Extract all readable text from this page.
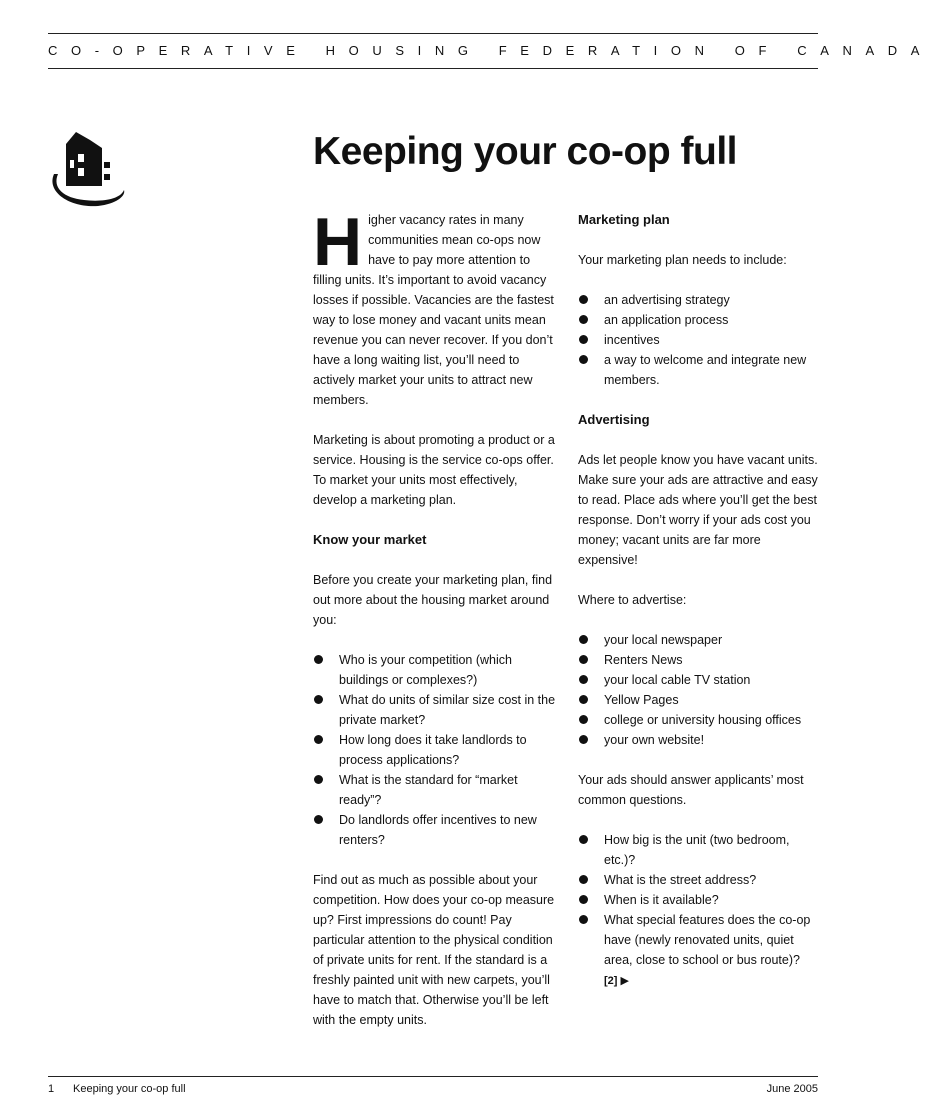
CO-OPERATIVE HOUSING FEDERATION OF CANADA
Keeping your co-op full

Higher vacancy rates in many communities mean co-ops now have to pay more attention to filling units. It’s important to avoid vacancy losses if possible. Vacancies are the fastest way to lose money and vacant units mean revenue you can never recover. If you don’t have a long waiting list, you’ll need to actively market your units to attract new members.

Marketing is about promoting a product or a service. Housing is the service co-ops offer. To market your units most effectively, develop a marketing plan.

Know your market

Before you create your marketing plan, find out more about the housing market around you:

Who is your competition (which buildings or complexes?)
What do units of similar size cost in the private market?
How long does it take landlords to process applications?
What is the standard for “market ready”?
Do landlords offer incentives to new renters?

Find out as much as possible about your competition. How does your co-op measure up? First impressions do count! Pay particular attention to the physical condition of private units for rent. If the standard is a freshly painted unit with new carpets, you’ll have to match that. Otherwise you’ll be left with the empty units.

Marketing plan

Your marketing plan needs to include:

an advertising strategy
an application process
incentives
a way to welcome and integrate new members.
Advertising

Ads let people know you have vacant units. Make sure your ads are attractive and easy to read. Place ads where you’ll get the best response. Don’t worry if your ads cost you money; vacant units are far more expensive!

Where to advertise:

your local newspaper
Renters News
your local cable TV station
Yellow Pages
college or university housing offices
your own website!

Your ads should answer applicants’ most common questions.

How big is the unit (two bedroom, etc.)?
What is the street address?
When is it available?
What special features does the co-op have (newly renovated units, quiet area, close to school or bus route)?
[2] ▶
1 Keeping your co-op full	June 2005
